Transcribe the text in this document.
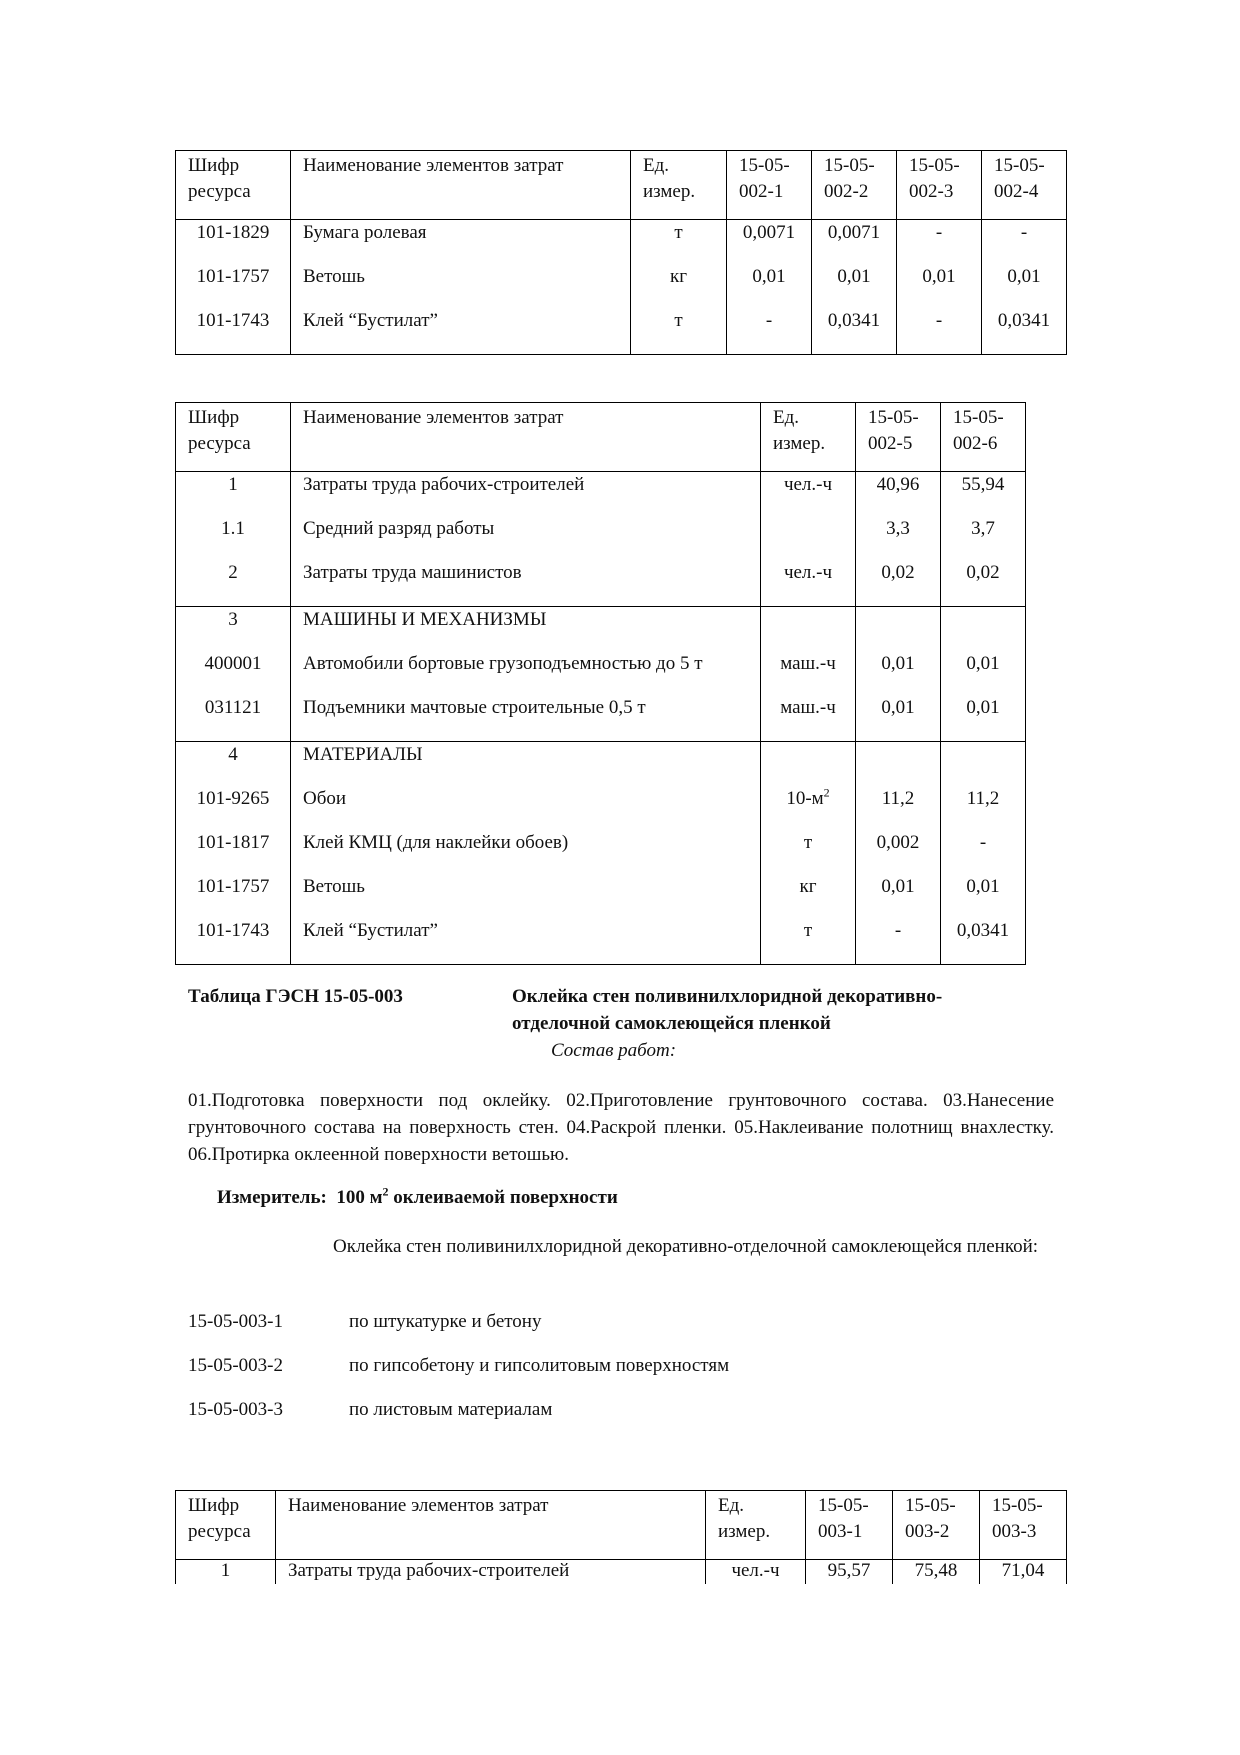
Шифр ресурса	Наименование элементов затрат	Ед. измер.	15-05-002-1	15-05-002-2	15-05-002-3	15-05-002-4
101-1829	Бумага ролевая	т	0,0071	0,0071	-	-
101-1757	Ветошь	кг	0,01	0,01	0,01	0,01
101-1743	Клей “Бустилат”	т	-	0,0341	-	0,0341
Шифр ресурса	Наименование элементов затрат	Ед. измер.	15-05-002-5	15-05-002-6
1	Затраты труда рабочих-строителей	чел.-ч	40,96	55,94
1.1	Средний разряд работы		3,3	3,7
2	Затраты труда машинистов	чел.-ч	0,02	0,02
3	МАШИНЫ И МЕХАНИЗМЫ			
400001	Автомобили бортовые грузоподъемностью до 5 т	маш.-ч	0,01	0,01
031121	Подъемники мачтовые строительные 0,5 т	маш.-ч	0,01	0,01
4	МАТЕРИАЛЫ			
101-9265	Обои	$10-м^2$	11,2	11,2
101-1817	Клей КМЦ (для наклейки обоев)	т	0,002	-
101-1757	Ветошь	кг	0,01	0,01
101-1743	Клей “Бустилат”	т	-	0,0341
Таблица ГЭСН 15-05-003	Оклейка стен поливинилхлоридной декоративно-отделочной самоклеющейся пленкой
Состав работ:
01.Подготовка поверхности под оклейку. 02.Приготовление грунтовочного состава. 03.Нанесение грунтовочного состава на поверхность стен. 04.Раскрой пленки. 05.Наклеивание полотнищ внахлестку. 06.Протирка оклеенной поверхности ветошью.
Измеритель: 100 $м^2$ оклеиваемой поверхности
Оклейка стен поливинилхлоридной декоративно-отделочной самоклеющейся пленкой:
15-05-003-1	по штукатурке и бетону
15-05-003-2	по гипсобетону и гипсолитовым поверхностям
15-05-003-3	по листовым материалам
Шифр ресурса	Наименование элементов затрат	Ед. измер.	15-05-003-1	15-05-003-2	15-05-003-3
1	Затраты труда рабочих-строителей	чел.-ч	95,57	75,48	71,04
